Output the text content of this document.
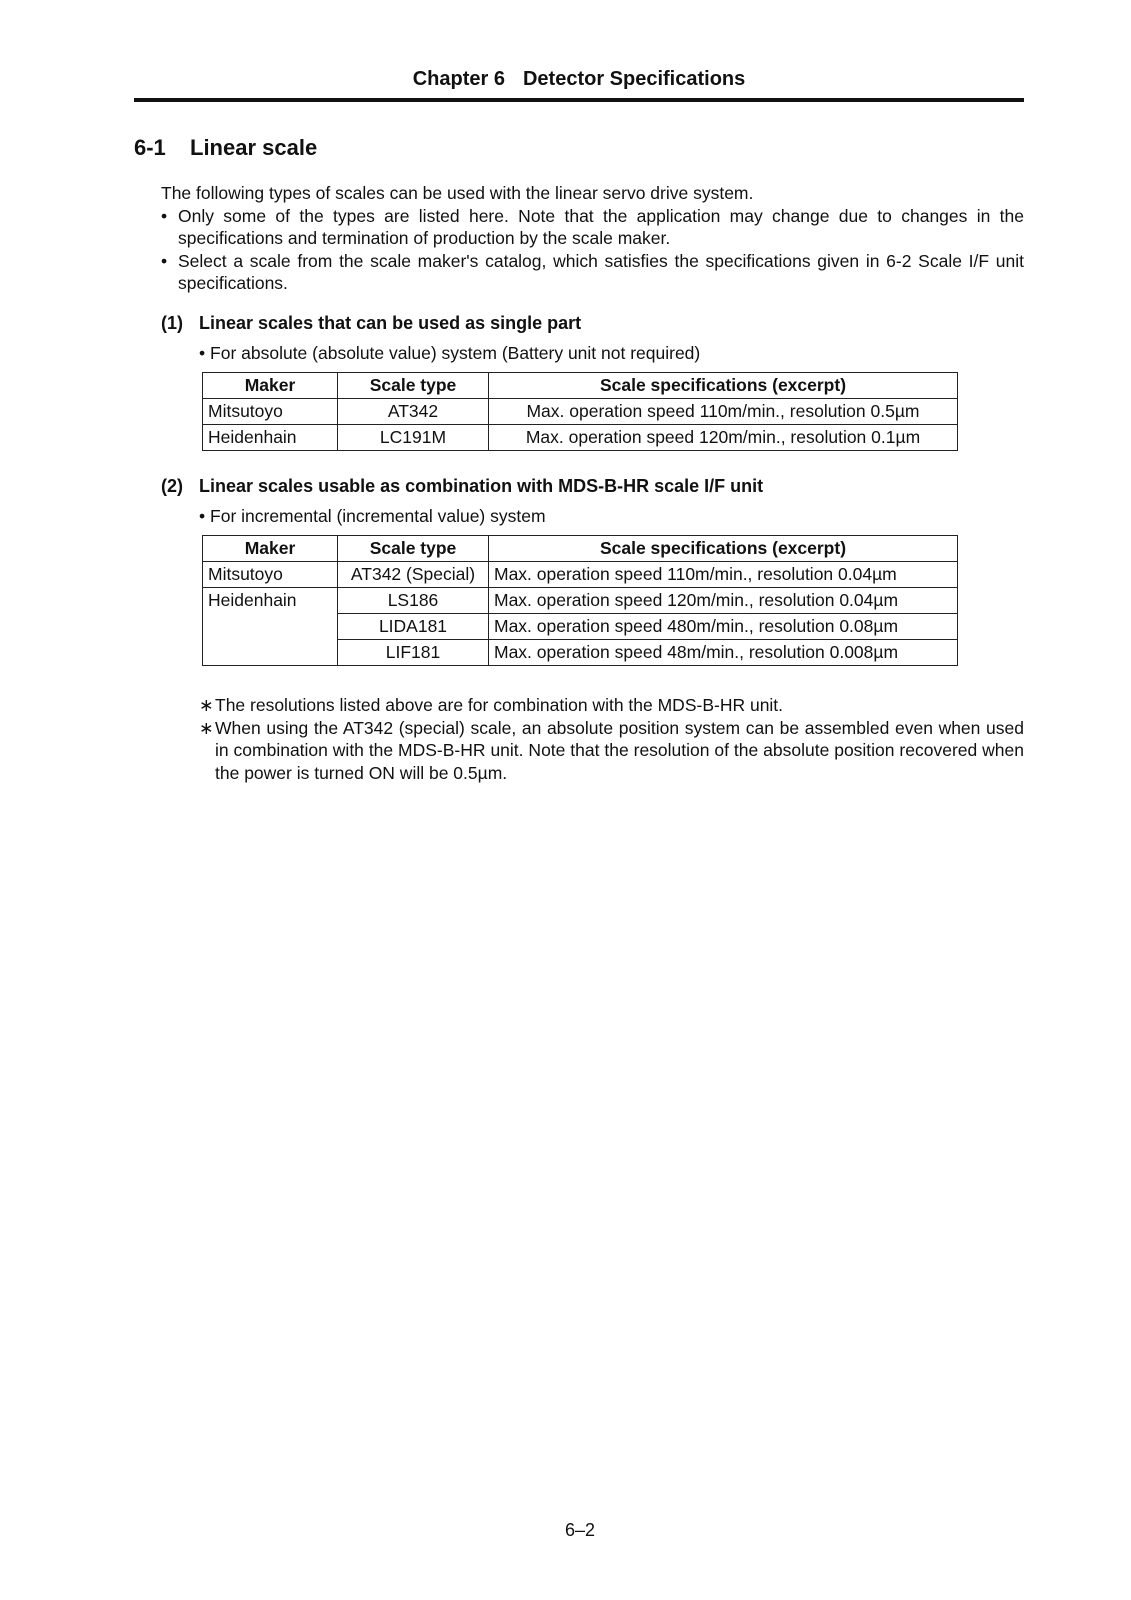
Chapter 6 Detector Specifications
6-1 Linear scale

The following types of scales can be used with the linear servo drive system.

• Only some of the types are listed here. Note that the application may change due to changes in the specifications and termination of production by the scale maker.
• Select a scale from the scale maker's catalog, which satisfies the specifications given in 6-2 Scale I/F unit specifications.
(1) Linear scales that can be used as single part
• For absolute (absolute value) system (Battery unit not required)
Maker	Scale type	Scale specifications (excerpt)
Mitsutoyo	AT342	Max. operation speed 110m/min., resolution 0.5µm
Heidenhain	LC191M	Max. operation speed 120m/min., resolution 0.1µm
(2) Linear scales usable as combination with MDS-B-HR scale I/F unit
• For incremental (incremental value) system
Maker	Scale type	Scale specifications (excerpt)
Mitsutoyo	AT342 (Special)	Max. operation speed 110m/min., resolution 0.04µm
Heidenhain	LS186	Max. operation speed 120m/min., resolution 0.04µm
	LIDA181	Max. operation speed 480m/min., resolution 0.08µm
	LIF181	Max. operation speed 48m/min., resolution 0.008µm
∗ The resolutions listed above are for combination with the MDS-B-HR unit.
∗ When using the AT342 (special) scale, an absolute position system can be assembled even when used in combination with the MDS-B-HR unit. Note that the resolution of the absolute position recovered when the power is turned ON will be 0.5µm.
6–2
